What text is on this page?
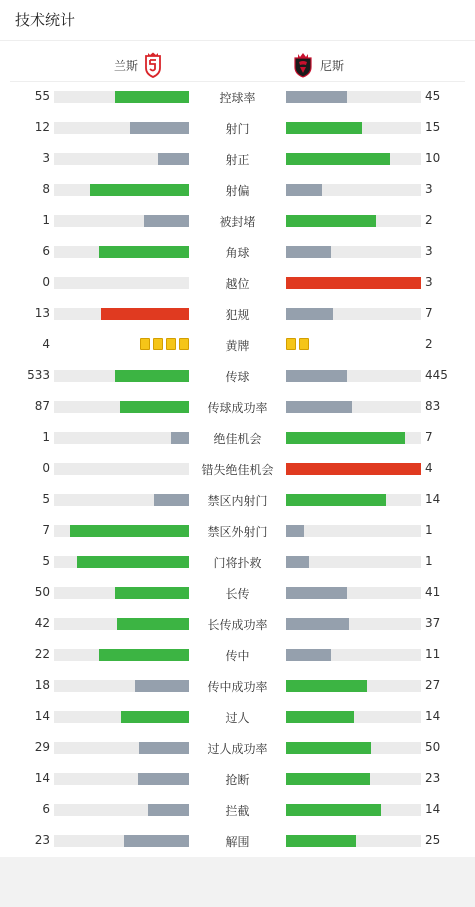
技术统计
兰斯	尼斯
55	控球率	45
12	射门	15
3	射正	10
8	射偏	3
1	被封堵	2
6	角球	3
0	越位	3
13	犯规	7
4	黄牌	2
533	传球	445
87	传球成功率	83
1	绝佳机会	7
0	错失绝佳机会	4
5	禁区内射门	14
7	禁区外射门	1
5	门将扑救	1
50	长传	41
42	长传成功率	37
22	传中	11
18	传中成功率	27
14	过人	14
29	过人成功率	50
14	抢断	23
6	拦截	14
23	解围	25
